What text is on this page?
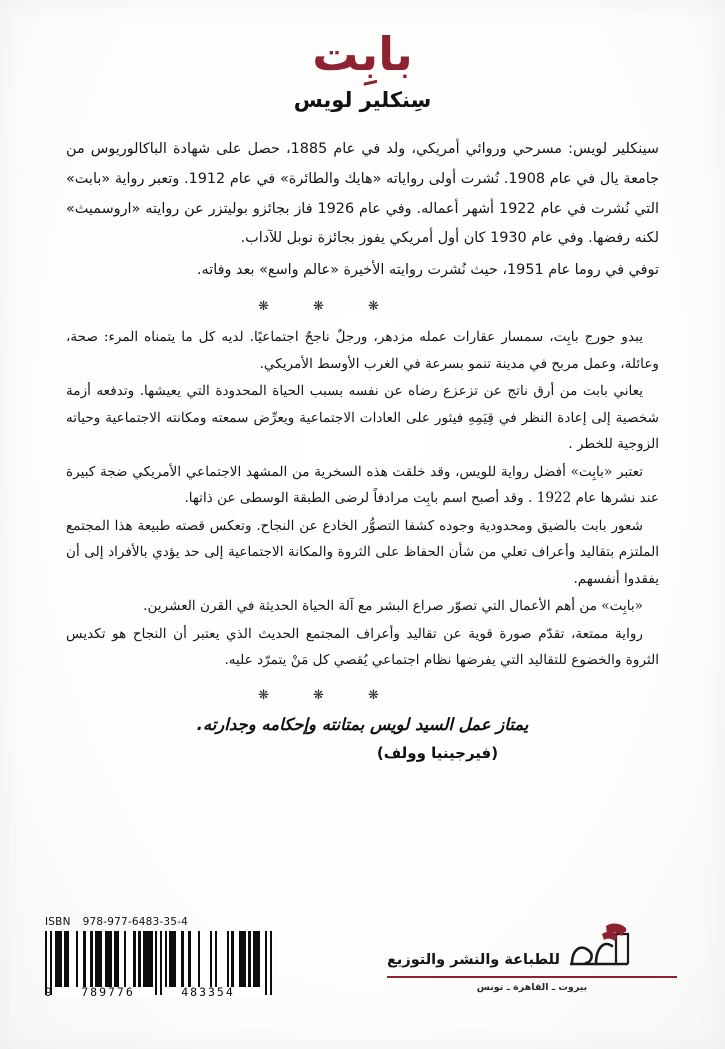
بابِت
سِنكلير لويس

سينكلير لويس: مسرحي وروائي أمريكي، ولد في عام 1885، حصل على شهادة الباكالوريوس من جامعة يال في عام 1908. نُشرت أولى رواياته «هايك والطائرة» في عام 1912. وتعبر رواية «بابت» التي نُشرت في عام 1922 أشهر أعماله. وفي عام 1926 فاز بجائزو بوليتزر عن روايته «اروسميث» لكنه رفضها. وفي عام 1930 كان أول أمريكي يفوز بجائزة نوبل للآداب.

توفي في روما عام 1951، حيث نُشرت روايته الأخيرة «عالم واسع» بعد وفاته.

❋❋❋

يبدو جورج بابِت، سمسار عقارات عمله مزدهر، ورجلٌ ناجحٌ اجتماعيًا. لديه كل ما يتمناه المرء: صحة، وعائلة، وعمل مربح في مدينة تنمو بسرعة في الغرب الأوسط الأمريكي.

يعاني بابت من أرق ناتج عن تزعزع رضاه عن نفسه بسبب الحياة المحدودة التي يعيشها. وتدفعه أزمة شخصية إلى إعادة النظر في قِيَمِهِ فيثور على العادات الاجتماعية ويعرِّض سمعته ومكانته الاجتماعية وحياته الزوجية للخطر .

تعتبر «بابِت» أفضل رواية للويس، وقد خلقت هذه السخرية من المشهد الاجتماعي الأمريكي ضجة كبيرة عند نشرها عام 1922 . وقد أصبح اسم بابِت مرادفاً لرضى الطبقة الوسطى عن ذاتها.

شعور بابت بالضيق ومحدودية وجوده كشفا التصوُّر الخادع عن النجاح. وتعكس قصته طبيعة هذا المجتمع الملتزم بتقاليد وأعراف تعلي من شأن الحفاظ على الثروة والمكانة الاجتماعية إلى حد يؤدي بالأفراد إلى أن يفقدوا أنفسهم.

«بابِت» من أهم الأعمال التي تصوّر صراع البشر مع آلة الحياة الحديثة في القرن العشرين.

رواية ممتعة، تقدّم صورة قوية عن تقاليد وأعراف المجتمع الحديث الذي يعتبر أن النجاح هو تكديس الثروة والخضوع للتقاليد التي يفرضها نظام اجتماعي يُقصي كل مَنْ يتمرّد عليه.

❋❋❋

يمتاز عمل السيد لويس بمتانته وإحكامه وجدارته.

(فيرجينيا وولف)

ISBN 978-977-6483-35-4
9	789776	483354
للطباعة والنشر والتوزيع
بيروت ـ القاهرة ـ تونس
